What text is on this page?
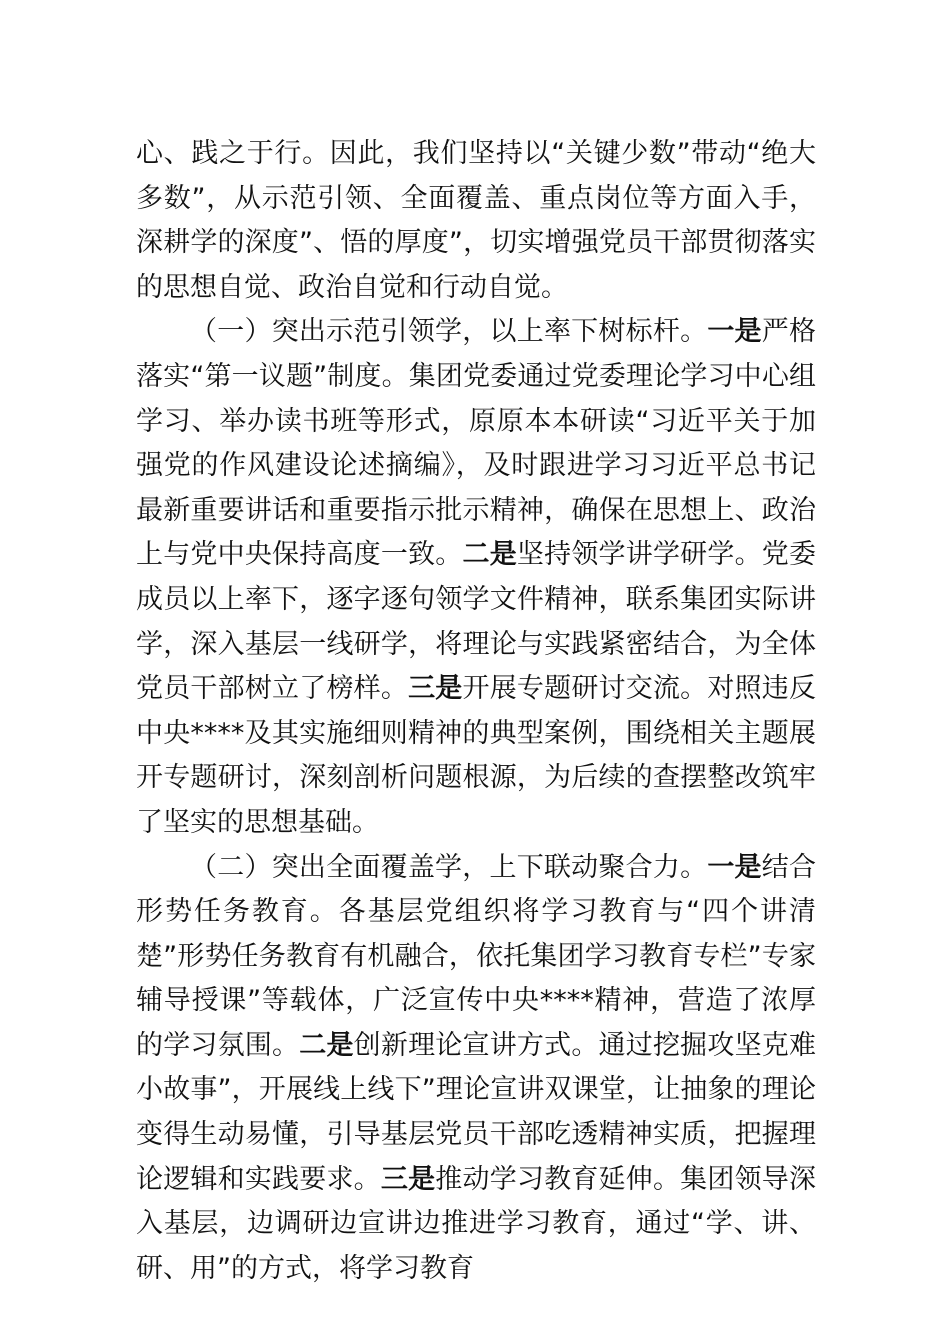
心、践之于行。因此，我们坚持以“关键少数”带动“绝大多数”，从示范引领、全面覆盖、重点岗位等方面入手，深耕学的深度”、悟的厚度”，切实增强党员干部贯彻落实的思想自觉、政治自觉和行动自觉。

（一）突出示范引领学，以上率下树标杆。一是严格落实“第一议题”制度。集团党委通过党委理论学习中心组学习、举办读书班等形式，原原本本研读“习近平关于加强党的作风建设论述摘编》，及时跟进学习习近平总书记最新重要讲话和重要指示批示精神，确保在思想上、政治上与党中央保持高度一致。二是坚持领学讲学研学。党委成员以上率下，逐字逐句领学文件精神，联系集团实际讲学，深入基层一线研学，将理论与实践紧密结合，为全体党员干部树立了榜样。三是开展专题研讨交流。对照违反中央****及其实施细则精神的典型案例，围绕相关主题展开专题研讨，深刻剖析问题根源，为后续的查摆整改筑牢了坚实的思想基础。

（二）突出全面覆盖学，上下联动聚合力。一是结合形势任务教育。各基层党组织将学习教育与“四个讲清楚”形势任务教育有机融合，依托集团学习教育专栏”专家辅导授课”等载体，广泛宣传中央****精神，营造了浓厚的学习氛围。二是创新理论宣讲方式。通过挖掘攻坚克难小故事”，开展线上线下”理论宣讲双课堂，让抽象的理论变得生动易懂，引导基层党员干部吃透精神实质，把握理论逻辑和实践要求。三是推动学习教育延伸。集团领导深入基层，边调研边宣讲边推进学习教育，通过“学、讲、研、用”的方式，将学习教育
